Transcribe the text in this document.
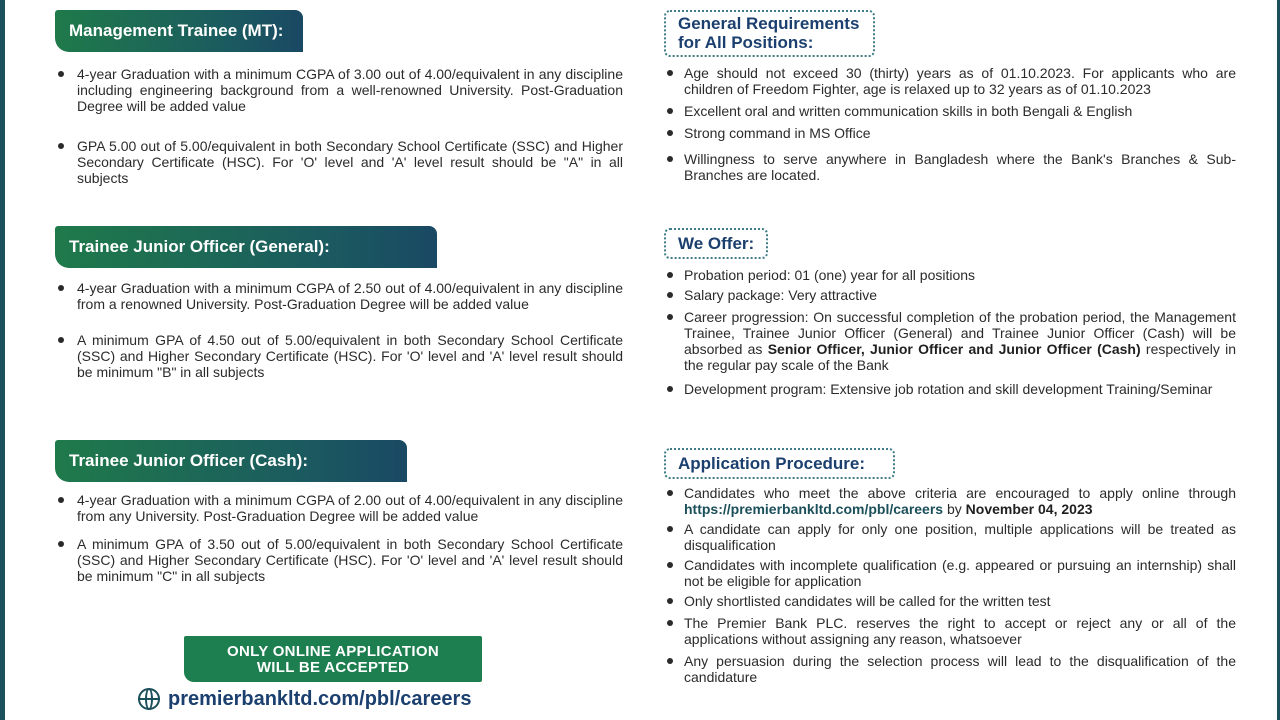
Management Trainee (MT):
4-year Graduation with a minimum CGPA of 3.00 out of 4.00/equivalent in any discipline including engineering background from a well-renowned University. Post-Graduation Degree will be added value
GPA 5.00 out of 5.00/equivalent in both Secondary School Certificate (SSC) and Higher Secondary Certificate (HSC). For 'O' level and 'A' level result should be "A" in all subjects
Trainee Junior Officer (General):
4-year Graduation with a minimum CGPA of 2.50 out of 4.00/equivalent in any discipline from a renowned University. Post-Graduation Degree will be added value
A minimum GPA of 4.50 out of 5.00/equivalent in both Secondary School Certificate (SSC) and Higher Secondary Certificate (HSC). For 'O' level and 'A' level result should be minimum "B" in all subjects
Trainee Junior Officer (Cash):
4-year Graduation with a minimum CGPA of 2.00 out of 4.00/equivalent in any discipline from any University. Post-Graduation Degree will be added value
A minimum GPA of 3.50 out of 5.00/equivalent in both Secondary School Certificate (SSC) and Higher Secondary Certificate (HSC). For 'O' level and 'A' level result should be minimum "C" in all subjects
ONLY ONLINE APPLICATION
WILL BE ACCEPTED
premierbankltd.com/pbl/careers
General Requirements
for All Positions:
Age should not exceed 30 (thirty) years as of 01.10.2023. For applicants who are children of Freedom Fighter, age is relaxed up to 32 years as of 01.10.2023
Excellent oral and written communication skills in both Bengali & English
Strong command in MS Office
Willingness to serve anywhere in Bangladesh where the Bank's Branches & Sub-Branches are located.
We Offer:
Probation period: 01 (one) year for all positions
Salary package: Very attractive
Career progression: On successful completion of the probation period, the Management Trainee, Trainee Junior Officer (General) and Trainee Junior Officer (Cash) will be absorbed as Senior Officer, Junior Officer and Junior Officer (Cash) respectively in the regular pay scale of the Bank
Development program: Extensive job rotation and skill development Training/Seminar
Application Procedure:
Candidates who meet the above criteria are encouraged to apply online through https://premierbankltd.com/pbl/careers by November 04, 2023
A candidate can apply for only one position, multiple applications will be treated as disqualification
Candidates with incomplete qualification (e.g. appeared or pursuing an internship) shall not be eligible for application
Only shortlisted candidates will be called for the written test
The Premier Bank PLC. reserves the right to accept or reject any or all of the applications without assigning any reason, whatsoever
Any persuasion during the selection process will lead to the disqualification of the candidature
